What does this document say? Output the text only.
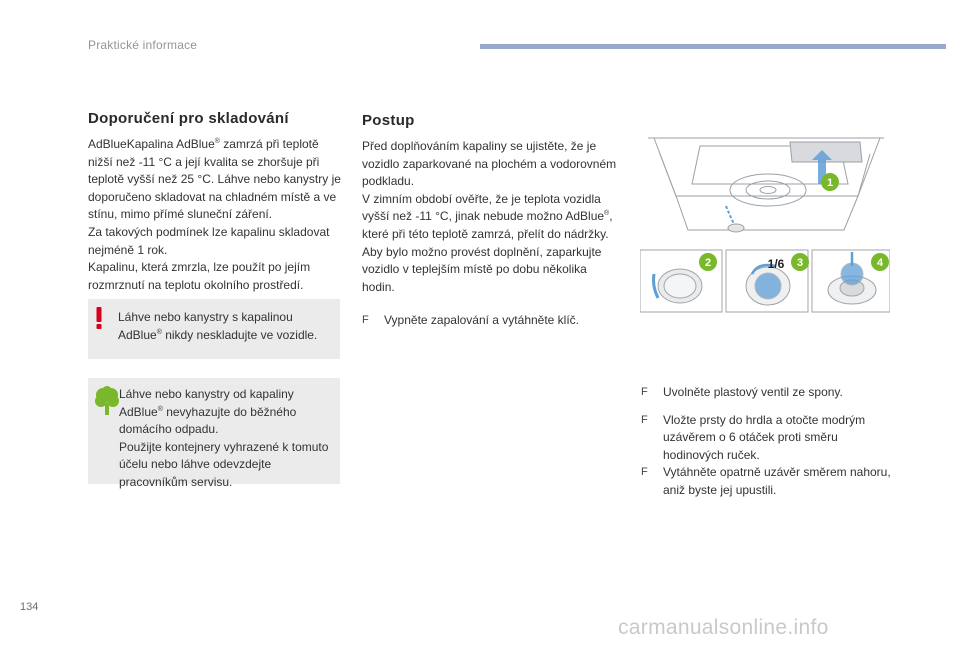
Praktické informace
Doporučení pro skladování
AdBlueKapalina AdBlue® zamrzá při teplotě nižší než -11 °C a její kvalita se zhoršuje při teplotě vyšší než 25 °C. Láhve nebo kanystry je doporučeno skladovat na chladném místě a ve stínu, mimo přímé sluneční záření.
Za takových podmínek lze kapalinu skladovat nejméně 1 rok.
Kapalinu, která zmrzla, lze použít po jejím rozmrznutí na teplotu okolního prostředí.
Láhve nebo kanystry s kapalinou AdBlue® nikdy neskladujte ve vozidle.
Láhve nebo kanystry od kapaliny AdBlue® nevyhazujte do běžného domácího odpadu.
Použijte kontejnery vyhrazené k tomuto účelu nebo láhve odevzdejte pracovníkům servisu.
Postup
Před doplňováním kapaliny se ujistěte, že je vozidlo zaparkované na plochém a vodorovném podkladu.
V zimním období ověřte, že je teplota vozidla vyšší než -11 °C, jinak nebude možno AdBlue®, které při této teplotě zamrzá, přelít do nádržky. Aby bylo možno provést doplnění, zaparkujte vozidlo v teplejším místě po dobu několika hodin.
F Vypněte zapalování a vytáhněte klíč.
1
1/6
2	3	4
F Uvolněte plastový ventil ze spony.
F Vložte prsty do hrdla a otočte modrým uzávěrem o 6 otáček proti směru hodinových ruček.
F Vytáhněte opatrně uzávěr směrem nahoru, aniž byste jej upustili.
134
carmanualsonline.info
